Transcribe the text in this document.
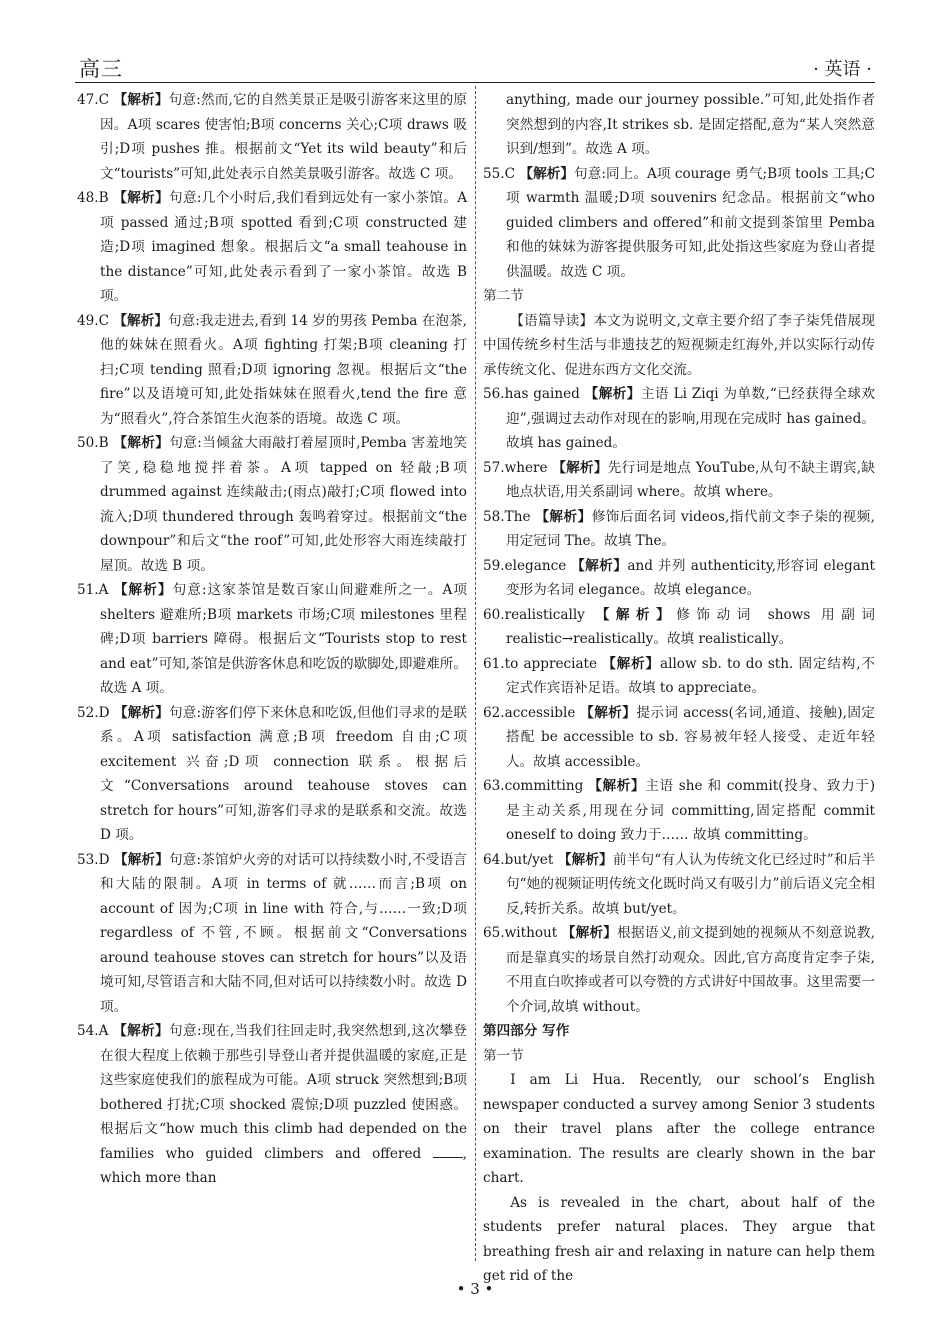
高三	· 英语 ·

47.C 【解析】句意:然而,它的自然美景正是吸引游客来这里的原因。A项 scares 使害怕;B项 concerns 关心;C项 draws 吸引;D项 pushes 推。根据前文“Yet its wild beauty”和后文“tourists”可知,此处表示自然美景吸引游客。故选 C 项。

48.B 【解析】句意:几个小时后,我们看到远处有一家小茶馆。A项 passed 通过;B项 spotted 看到;C项 constructed 建造;D项 imagined 想象。根据后文“a small teahouse in the distance”可知,此处表示看到了一家小茶馆。故选 B 项。

49.C 【解析】句意:我走进去,看到 14 岁的男孩 Pemba 在泡茶,他的妹妹在照看火。A项 fighting 打架;B项 cleaning 打扫;C项 tending 照看;D项 ignoring 忽视。根据后文“the fire”以及语境可知,此处指妹妹在照看火,tend the fire 意为“照看火”,符合茶馆生火泡茶的语境。故选 C 项。

50.B 【解析】句意:当倾盆大雨敲打着屋顶时,Pemba 害羞地笑了笑,稳稳地搅拌着茶。A项 tapped on 轻敲;B项 drummed against 连续敲击;(雨点)敲打;C项 flowed into 流入;D项 thundered through 轰鸣着穿过。根据前文“the downpour”和后文“the roof”可知,此处形容大雨连续敲打屋顶。故选 B 项。

51.A 【解析】句意:这家茶馆是数百家山间避难所之一。A项 shelters 避难所;B项 markets 市场;C项 milestones 里程碑;D项 barriers 障碍。根据后文“Tourists stop to rest and eat”可知,茶馆是供游客休息和吃饭的歇脚处,即避难所。故选 A 项。

52.D 【解析】句意:游客们停下来休息和吃饭,但他们寻求的是联系。A项 satisfaction 满意;B项 freedom 自由;C项 excitement 兴奋;D项 connection 联系。根据后文“Conversations around teahouse stoves can stretch for hours”可知,游客们寻求的是联系和交流。故选 D 项。

53.D 【解析】句意:茶馆炉火旁的对话可以持续数小时,不受语言和大陆的限制。A项 in terms of 就……而言;B项 on account of 因为;C项 in line with 符合,与……一致;D项 regardless of 不管,不顾。根据前文“Conversations around teahouse stoves can stretch for hours”以及语境可知,尽管语言和大陆不同,但对话可以持续数小时。故选 D 项。

54.A 【解析】句意:现在,当我们往回走时,我突然想到,这次攀登在很大程度上依赖于那些引导登山者并提供温暖的家庭,正是这些家庭使我们的旅程成为可能。A项 struck 突然想到;B项 bothered 打扰;C项 shocked 震惊;D项 puzzled 使困惑。根据后文“how much this climb had depended on the families who guided climbers and offered	, which more than

anything, made our journey possible.”可知,此处指作者突然想到的内容,It strikes sb. 是固定搭配,意为“某人突然意识到/想到”。故选 A 项。

55.C 【解析】句意:同上。A项 courage 勇气;B项 tools 工具;C项 warmth 温暖;D项 souvenirs 纪念品。根据前文“who guided climbers and offered”和前文提到茶馆里 Pemba 和他的妹妹为游客提供服务可知,此处指这些家庭为登山者提供温暖。故选 C 项。

第二节

【语篇导读】本文为说明文,文章主要介绍了李子柒凭借展现中国传统乡村生活与非遗技艺的短视频走红海外,并以实际行动传承传统文化、促进东西方文化交流。

56.has gained 【解析】主语 Li Ziqi 为单数,“已经获得全球欢迎”,强调过去动作对现在的影响,用现在完成时 has gained。故填 has gained。

57.where 【解析】先行词是地点 YouTube,从句不缺主谓宾,缺地点状语,用关系副词 where。故填 where。

58.The 【解析】修饰后面名词 videos,指代前文李子柒的视频,用定冠词 The。故填 The。

59.elegance 【解析】and 并列 authenticity,形容词 elegant 变形为名词 elegance。故填 elegance。

60.realistically 【解析】修饰动词 shows 用副词 realistic→realistically。故填 realistically。

61.to appreciate 【解析】allow sb. to do sth. 固定结构,不定式作宾语补足语。故填 to appreciate。

62.accessible 【解析】提示词 access(名词,通道、接触),固定搭配 be accessible to sb. 容易被年轻人接受、走近年轻人。故填 accessible。

63.committing 【解析】主语 she 和 commit(投身、致力于)是主动关系,用现在分词 committing,固定搭配 commit oneself to doing 致力于…… 故填 committing。

64.but/yet 【解析】前半句“有人认为传统文化已经过时”和后半句“她的视频证明传统文化既时尚又有吸引力”前后语义完全相反,转折关系。故填 but/yet。

65.without 【解析】根据语义,前文提到她的视频从不刻意说教,而是靠真实的场景自然打动观众。因此,官方高度肯定李子柒,不用直白吹捧或者可以夸赞的方式讲好中国故事。这里需要一个介词,故填 without。

第四部分 写作

第一节

I am Li Hua. Recently, our school’s English newspaper conducted a survey among Senior 3 students on their travel plans after the college entrance examination. The results are clearly shown in the bar chart.

As is revealed in the chart, about half of the students prefer natural places. They argue that breathing fresh air and relaxing in nature can help them get rid of the

• 3 •
